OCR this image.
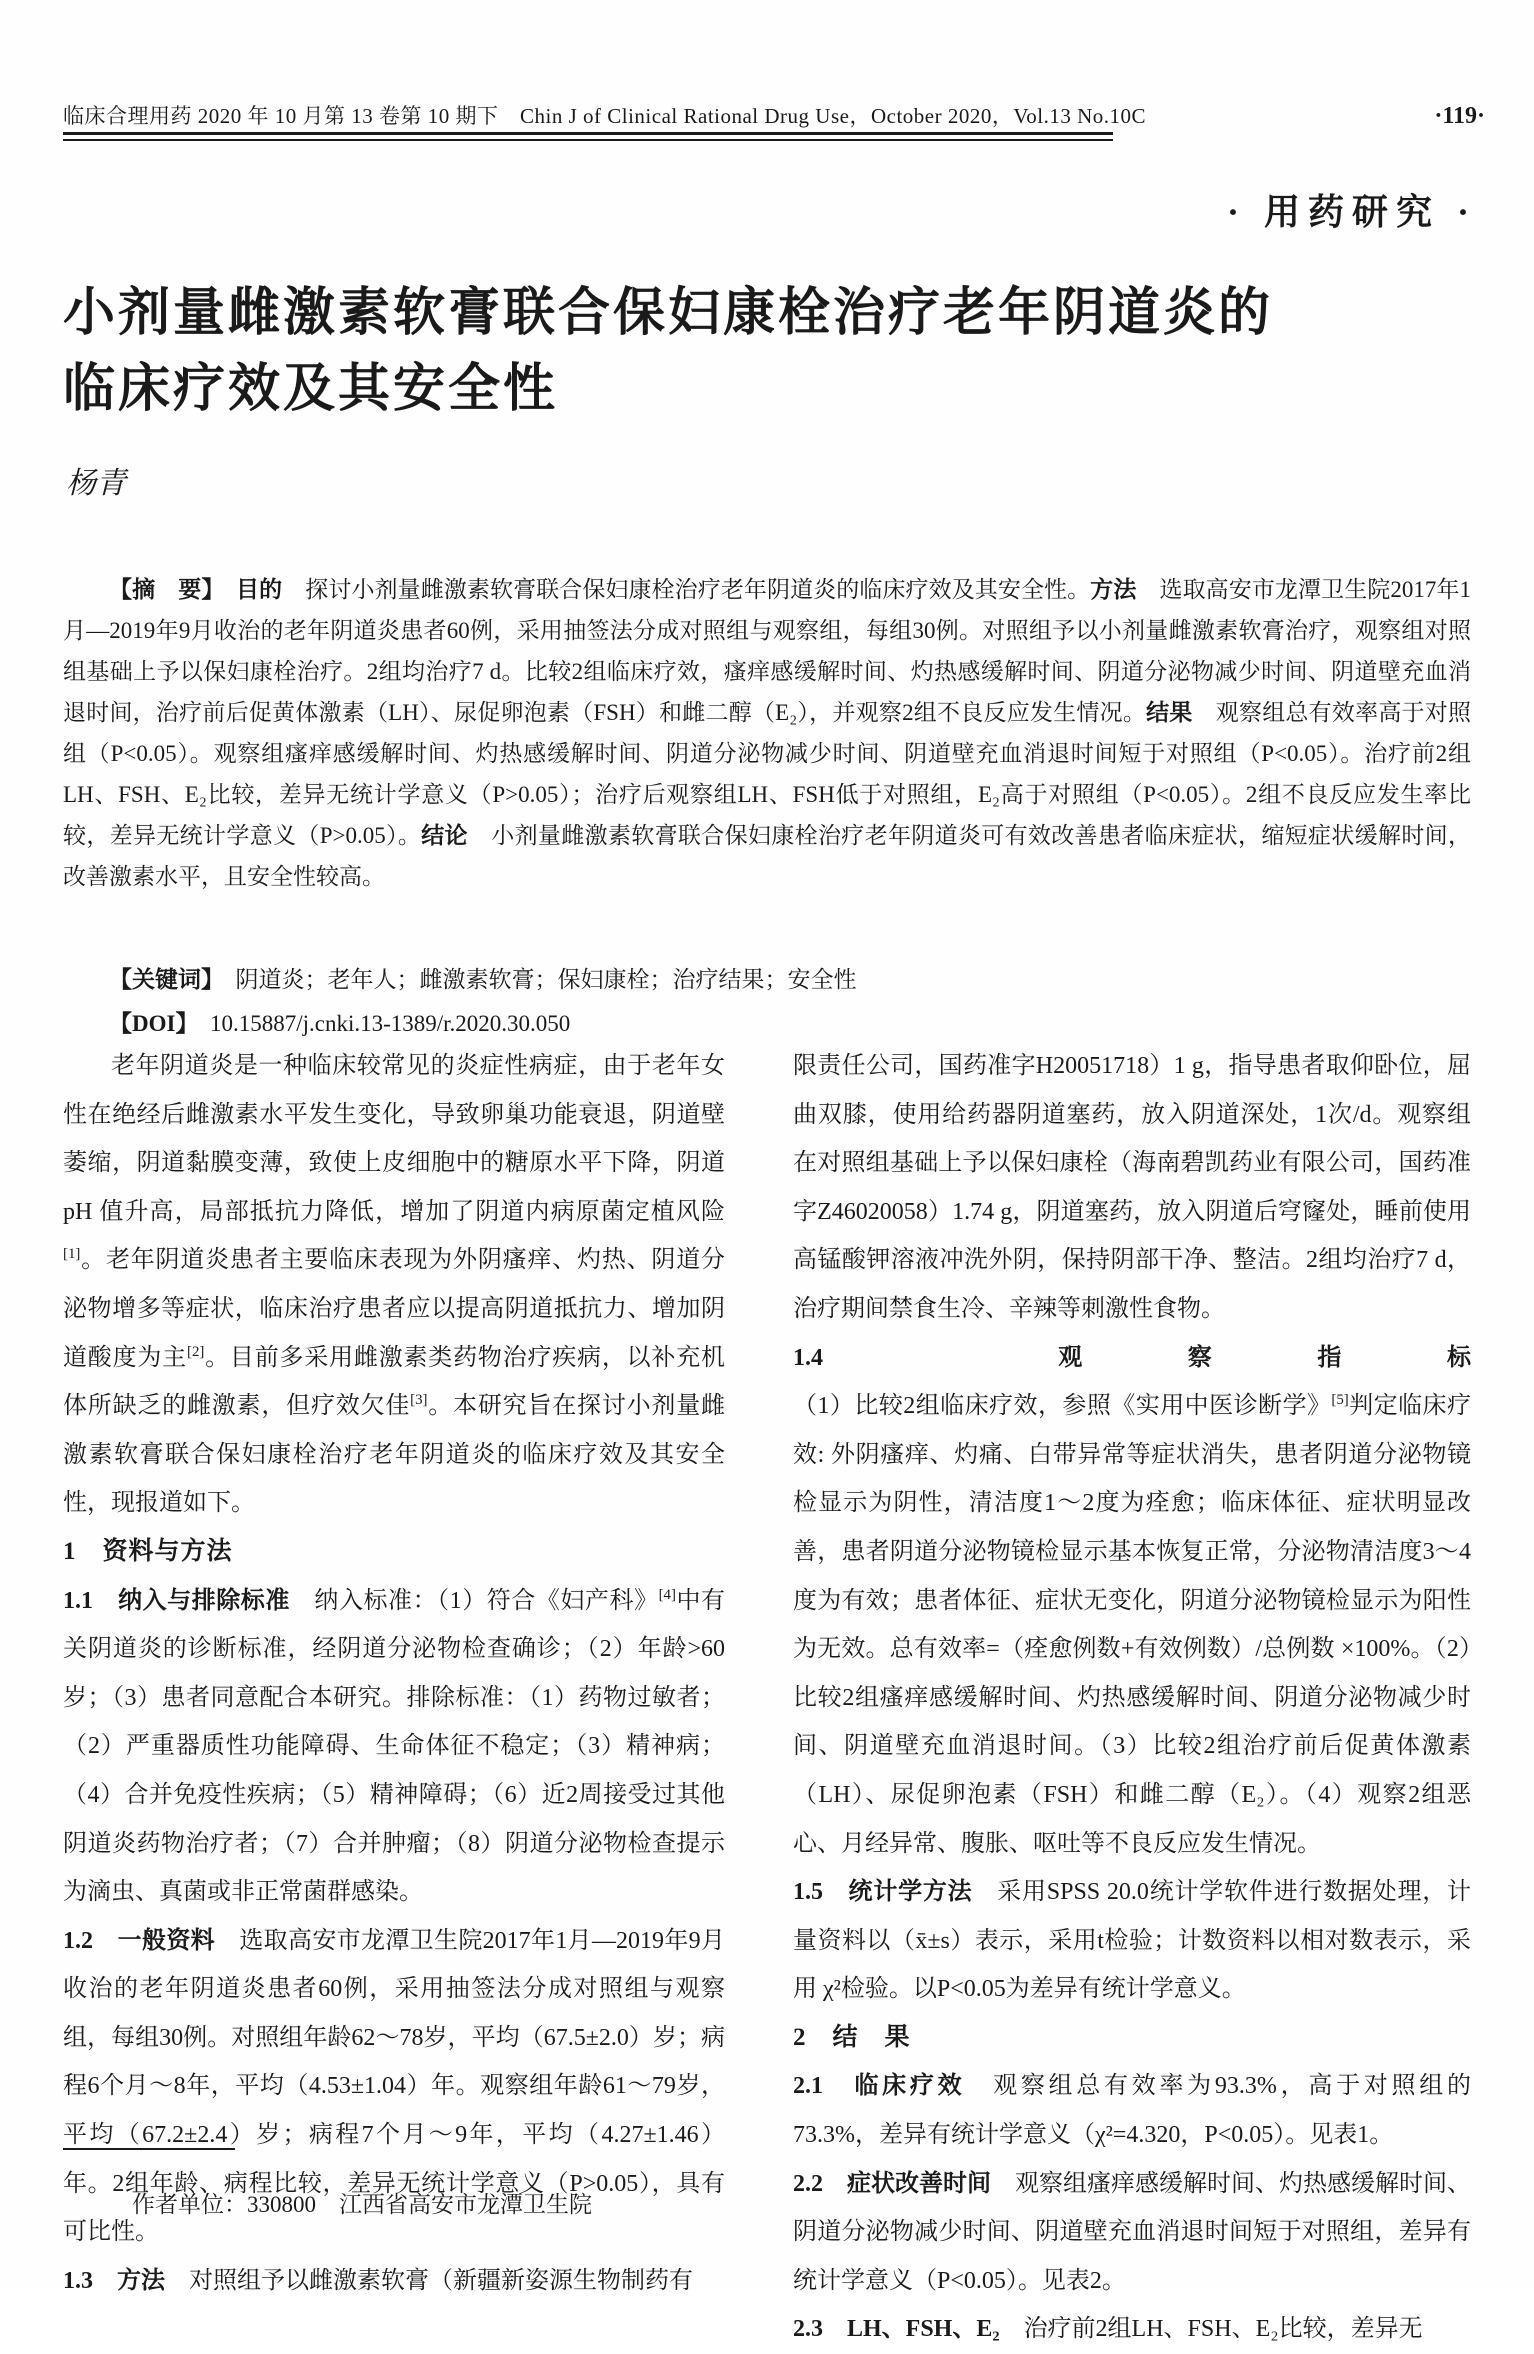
临床合理用药 2020 年 10 月第 13 卷第 10 期下　Chin J of Clinical Rational Drug Use，October 2020，Vol.13 No.10C	·119·
· 用药研究 ·
小剂量雌激素软膏联合保妇康栓治疗老年阴道炎的
临床疗效及其安全性
杨青

【摘　要】　目的　探讨小剂量雌激素软膏联合保妇康栓治疗老年阴道炎的临床疗效及其安全性。方法　选取高安市龙潭卫生院2017年1月—2019年9月收治的老年阴道炎患者60例，采用抽签法分成对照组与观察组，每组30例。对照组予以小剂量雌激素软膏治疗，观察组对照组基础上予以保妇康栓治疗。2组均治疗7 d。比较2组临床疗效，瘙痒感缓解时间、灼热感缓解时间、阴道分泌物减少时间、阴道壁充血消退时间，治疗前后促黄体激素（LH）、尿促卵泡素（FSH）和雌二醇（E₂），并观察2组不良反应发生情况。结果　观察组总有效率高于对照组（P<0.05）。观察组瘙痒感缓解时间、灼热感缓解时间、阴道分泌物减少时间、阴道壁充血消退时间短于对照组（P<0.05）。治疗前2组LH、FSH、E₂比较，差异无统计学意义（P>0.05）；治疗后观察组LH、FSH低于对照组，E₂高于对照组（P<0.05）。2组不良反应发生率比较，差异无统计学意义（P>0.05）。结论　小剂量雌激素软膏联合保妇康栓治疗老年阴道炎可有效改善患者临床症状，缩短症状缓解时间，改善激素水平，且安全性较高。

【关键词】　阴道炎；老年人；雌激素软膏；保妇康栓；治疗结果；安全性

【DOI】　10.15887/j.cnki.13-1389/r.2020.30.050

老年阴道炎是一种临床较常见的炎症性病症，由于老年女性在绝经后雌激素水平发生变化，导致卵巢功能衰退，阴道壁萎缩，阴道黏膜变薄，致使上皮细胞中的糖原水平下降，阴道 pH 值升高，局部抵抗力降低，增加了阴道内病原菌定植风险[1]。老年阴道炎患者主要临床表现为外阴瘙痒、灼热、阴道分泌物增多等症状，临床治疗患者应以提高阴道抵抗力、增加阴道酸度为主[2]。目前多采用雌激素类药物治疗疾病，以补充机体所缺乏的雌激素，但疗效欠佳[3]。本研究旨在探讨小剂量雌激素软膏联合保妇康栓治疗老年阴道炎的临床疗效及其安全性，现报道如下。

1　资料与方法

1.1　纳入与排除标准　纳入标准：（1）符合《妇产科》[4]中有关阴道炎的诊断标准，经阴道分泌物检查确诊；（2）年龄>60岁；（3）患者同意配合本研究。排除标准：（1）药物过敏者；（2）严重器质性功能障碍、生命体征不稳定；（3）精神病；（4）合并免疫性疾病；（5）精神障碍；（6）近2周接受过其他阴道炎药物治疗者；（7）合并肿瘤；（8）阴道分泌物检查提示为滴虫、真菌或非正常菌群感染。

1.2　一般资料　选取高安市龙潭卫生院2017年1月—2019年9月收治的老年阴道炎患者60例，采用抽签法分成对照组与观察组，每组30例。对照组年龄62～78岁，平均（67.5±2.0）岁；病程6个月～8年，平均（4.53±1.04）年。观察组年龄61～79岁，平均（67.2±2.4）岁；病程7个月～9年，平均（4.27±1.46）年。2组年龄、病程比较，差异无统计学意义（P>0.05），具有可比性。

1.3　方法　对照组予以雌激素软膏（新疆新姿源生物制药有

限责任公司，国药准字H20051718）1 g，指导患者取仰卧位，屈曲双膝，使用给药器阴道塞药，放入阴道深处，1次/d。观察组在对照组基础上予以保妇康栓（海南碧凯药业有限公司，国药准字Z46020058）1.74 g，阴道塞药，放入阴道后穹窿处，睡前使用高锰酸钾溶液冲洗外阴，保持阴部干净、整洁。2组均治疗7 d，治疗期间禁食生冷、辛辣等刺激性食物。

1.4　观察指标　（1）比较2组临床疗效，参照《实用中医诊断学》[5]判定临床疗效: 外阴瘙痒、灼痛、白带异常等症状消失，患者阴道分泌物镜检显示为阴性，清洁度1～2度为痊愈；临床体征、症状明显改善，患者阴道分泌物镜检显示基本恢复正常，分泌物清洁度3～4度为有效；患者体征、症状无变化，阴道分泌物镜检显示为阳性为无效。总有效率=（痊愈例数+有效例数）/总例数 ×100%。（2）比较2组瘙痒感缓解时间、灼热感缓解时间、阴道分泌物减少时间、阴道壁充血消退时间。（3）比较2组治疗前后促黄体激素（LH）、尿促卵泡素（FSH）和雌二醇（E₂）。（4）观察2组恶心、月经异常、腹胀、呕吐等不良反应发生情况。

1.5　统计学方法　采用SPSS 20.0统计学软件进行数据处理，计量资料以（x̄±s）表示，采用t检验；计数资料以相对数表示，采用 χ²检验。以P<0.05为差异有统计学意义。

2　结　果

2.1　临床疗效　观察组总有效率为93.3%，高于对照组的73.3%，差异有统计学意义（χ²=4.320，P<0.05）。见表1。

2.2　症状改善时间　观察组瘙痒感缓解时间、灼热感缓解时间、阴道分泌物减少时间、阴道壁充血消退时间短于对照组，差异有统计学意义（P<0.05）。见表2。

2.3　LH、FSH、E₂　治疗前2组LH、FSH、E₂比较，差异无

作者单位：330800　江西省高安市龙潭卫生院
